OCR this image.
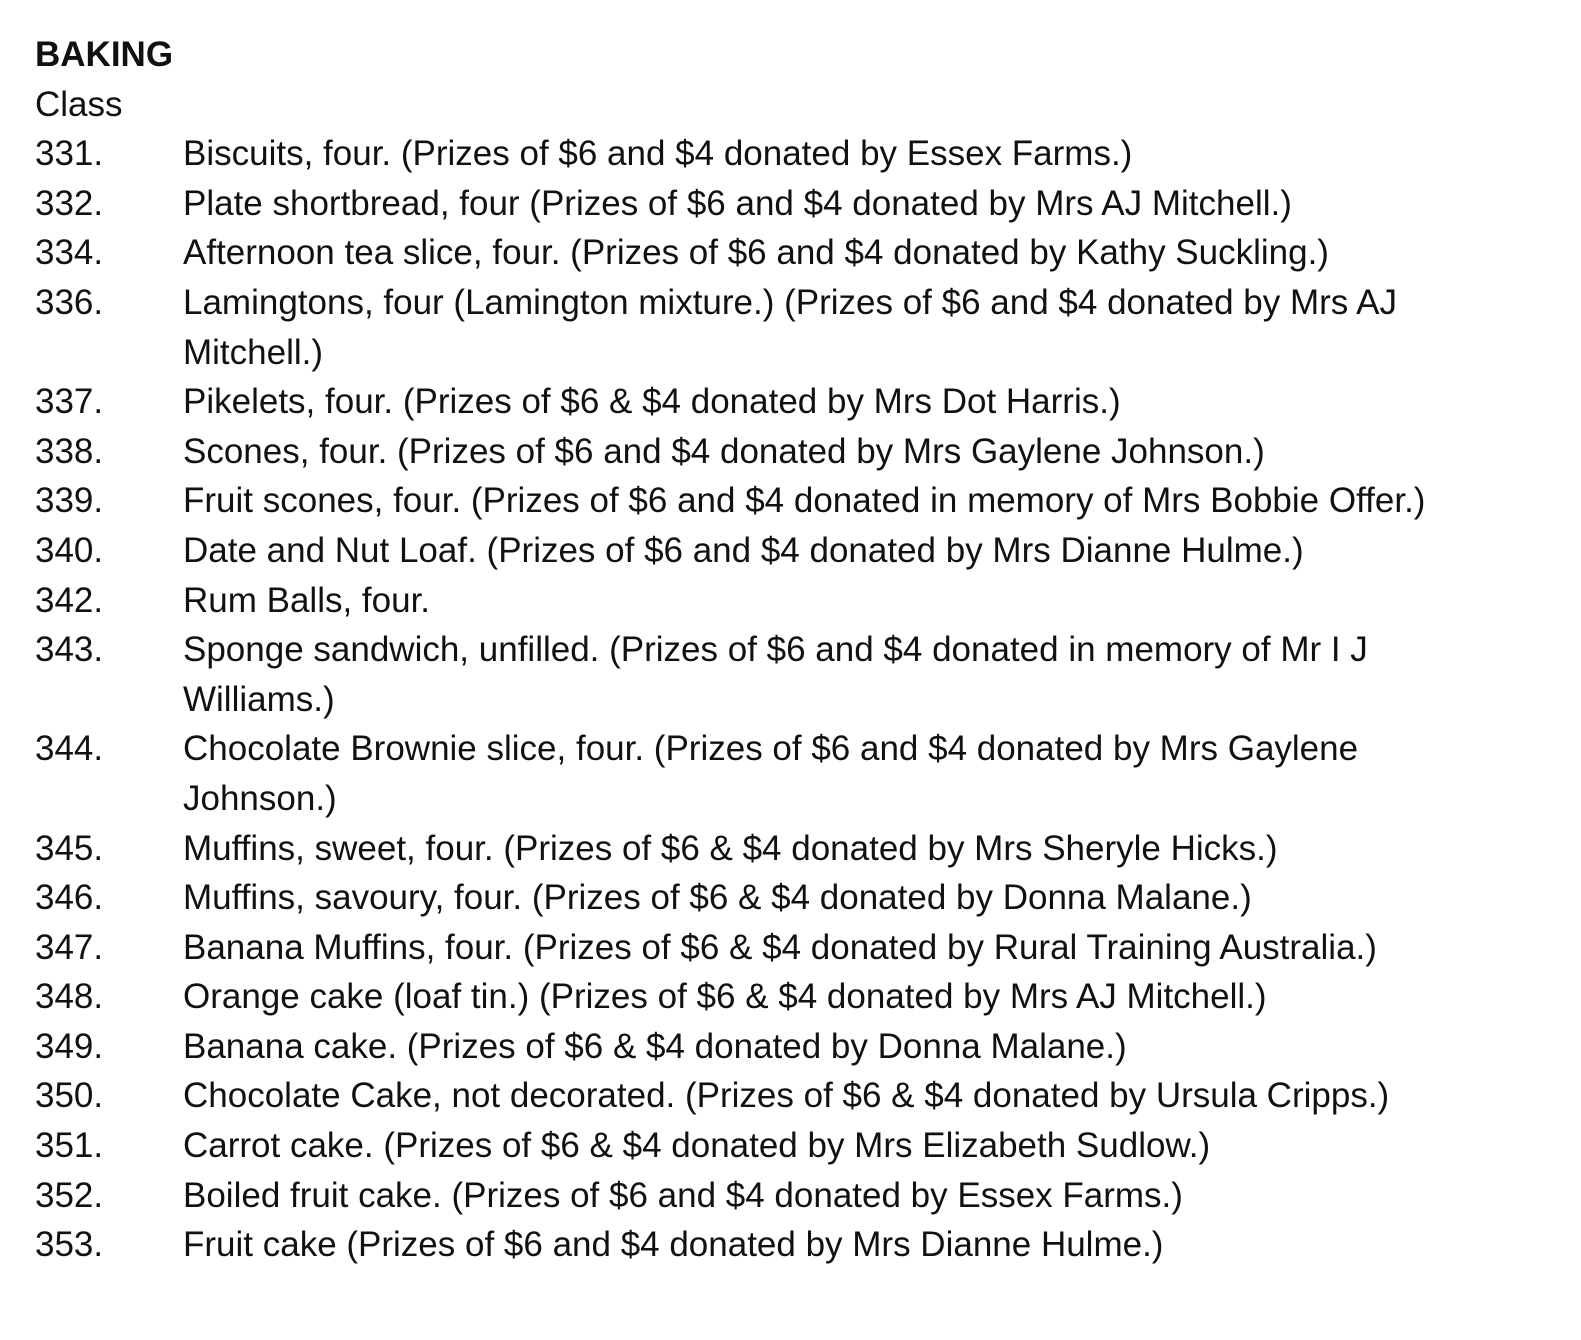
BAKING
Class
331.	Biscuits, four. (Prizes of $6 and $4 donated by Essex Farms.)
332.	Plate shortbread, four (Prizes of $6 and $4 donated by Mrs AJ Mitchell.)
334.	Afternoon tea slice, four. (Prizes of $6 and $4 donated by Kathy Suckling.)
336.	Lamingtons, four (Lamington mixture.) (Prizes of $6 and $4 donated by Mrs AJ Mitchell.)
337.	Pikelets, four. (Prizes of $6 & $4 donated by Mrs Dot Harris.)
338.	Scones, four. (Prizes of $6 and $4 donated by Mrs Gaylene Johnson.)
339.	Fruit scones, four. (Prizes of $6 and $4 donated in memory of Mrs Bobbie Offer.)
340.	Date and Nut Loaf. (Prizes of $6 and $4 donated by Mrs Dianne Hulme.)
342.	Rum Balls, four.
343.	Sponge sandwich, unfilled. (Prizes of $6 and $4 donated in memory of Mr I J Williams.)
344.	Chocolate Brownie slice, four. (Prizes of $6 and $4 donated by Mrs Gaylene Johnson.)
345.	Muffins, sweet, four. (Prizes of $6 & $4 donated by Mrs Sheryle Hicks.)
346.	Muffins, savoury, four. (Prizes of $6 & $4 donated by Donna Malane.)
347.	Banana Muffins, four. (Prizes of $6 & $4 donated by Rural Training Australia.)
348.	Orange cake (loaf tin.) (Prizes of $6 & $4 donated by Mrs AJ Mitchell.)
349.	Banana cake. (Prizes of $6 & $4 donated by Donna Malane.)
350.	Chocolate Cake, not decorated. (Prizes of $6 & $4 donated by Ursula Cripps.)
351.	Carrot cake. (Prizes of $6 & $4 donated by Mrs Elizabeth Sudlow.)
352.	Boiled fruit cake. (Prizes of $6 and $4 donated by Essex Farms.)
353.	Fruit cake (Prizes of $6 and $4 donated by Mrs Dianne Hulme.)
